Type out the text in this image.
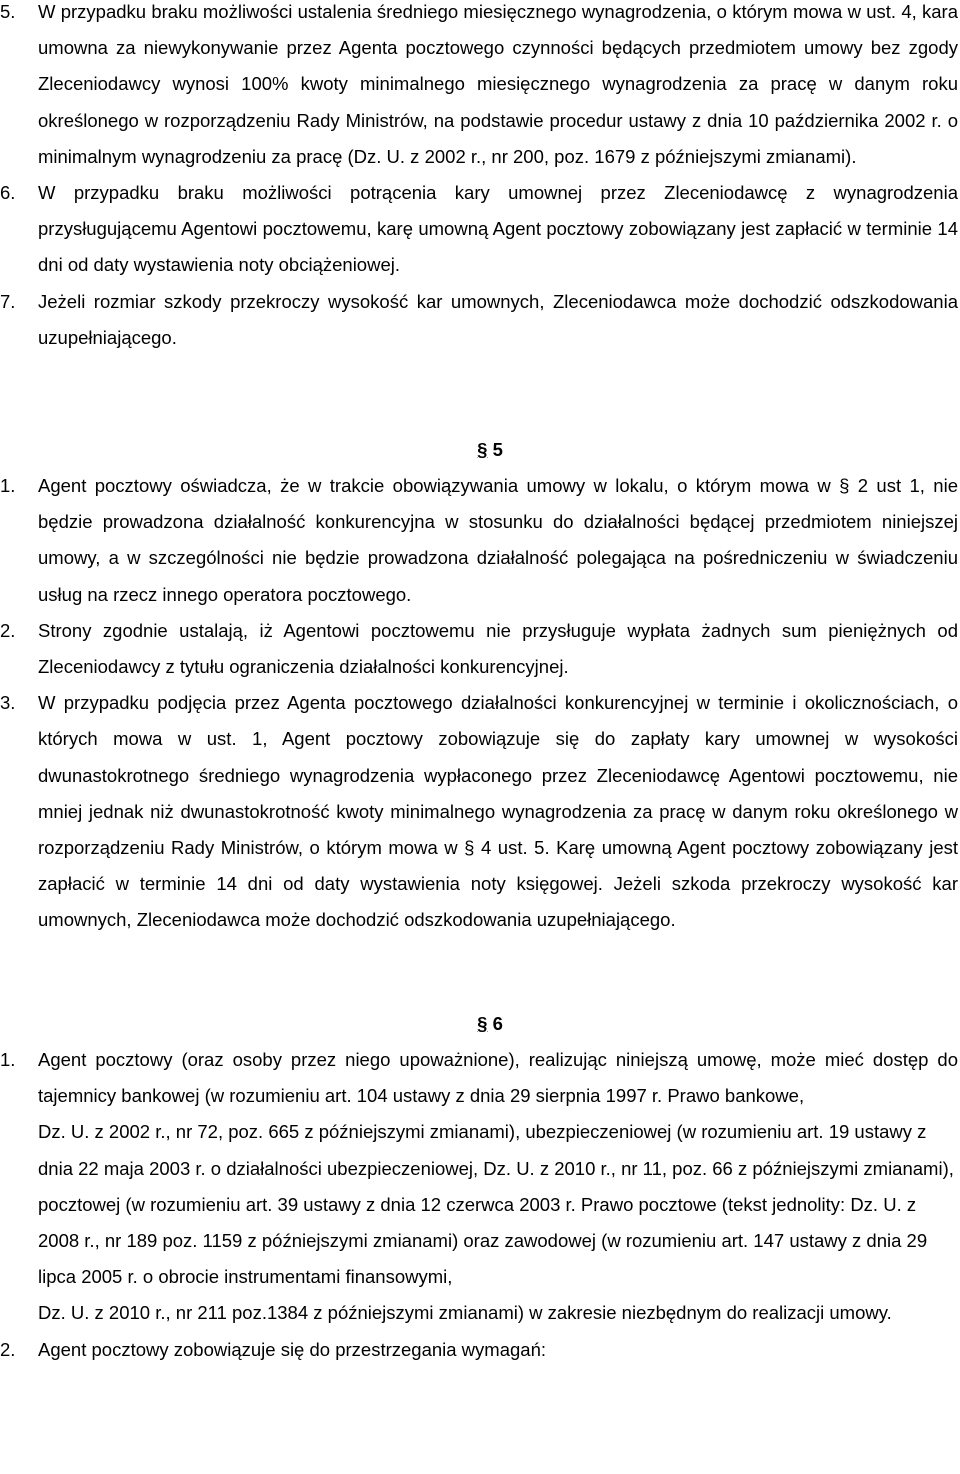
5.	W przypadku braku możliwości ustalenia średniego miesięcznego wynagrodzenia, o którym mowa w ust. 4, kara umowna za niewykonywanie przez Agenta pocztowego czynności będących przedmiotem umowy bez zgody Zleceniodawcy wynosi 100% kwoty minimalnego miesięcznego wynagrodzenia za pracę w danym roku określonego w rozporządzeniu Rady Ministrów, na podstawie procedur ustawy z dnia 10 października 2002 r. o minimalnym wynagrodzeniu za pracę (Dz. U. z 2002 r., nr 200, poz. 1679 z późniejszymi zmianami).
6.	W przypadku braku możliwości potrącenia kary umownej przez Zleceniodawcę z wynagrodzenia przysługującemu Agentowi pocztowemu, karę umowną Agent pocztowy zobowiązany jest zapłacić w terminie 14 dni od daty wystawienia noty obciążeniowej.
7.	Jeżeli rozmiar szkody przekroczy wysokość kar umownych, Zleceniodawca może dochodzić odszkodowania uzupełniającego.
§ 5
1.	Agent pocztowy oświadcza, że w trakcie obowiązywania umowy w lokalu, o którym mowa w § 2 ust 1, nie będzie prowadzona działalność konkurencyjna w stosunku do działalności będącej przedmiotem niniejszej umowy, a w szczególności nie będzie prowadzona działalność polegająca na pośredniczeniu w świadczeniu usług na rzecz innego operatora pocztowego.
2.	Strony zgodnie ustalają, iż Agentowi pocztowemu nie przysługuje wypłata żadnych sum pieniężnych od Zleceniodawcy z tytułu ograniczenia działalności konkurencyjnej.
3.	W przypadku podjęcia przez Agenta pocztowego działalności konkurencyjnej w terminie i okolicznościach, o których mowa w ust. 1, Agent pocztowy zobowiązuje się do zapłaty kary umownej w wysokości dwunastokrotnego średniego wynagrodzenia wypłaconego przez Zleceniodawcę Agentowi pocztowemu, nie mniej jednak niż dwunastokrotność kwoty minimalnego wynagrodzenia za pracę w danym roku określonego w rozporządzeniu Rady Ministrów, o którym mowa w § 4 ust. 5. Karę umowną Agent pocztowy zobowiązany jest zapłacić w terminie 14 dni od daty wystawienia noty księgowej. Jeżeli szkoda przekroczy wysokość kar umownych, Zleceniodawca może dochodzić odszkodowania uzupełniającego.
§ 6
1.	Agent pocztowy (oraz osoby przez niego upoważnione), realizując niniejszą umowę, może mieć dostęp do tajemnicy bankowej (w rozumieniu art. 104 ustawy z dnia 29 sierpnia 1997 r. Prawo bankowe,
Dz. U. z 2002 r., nr 72, poz. 665 z późniejszymi zmianami), ubezpieczeniowej (w rozumieniu art. 19 ustawy z dnia 22 maja 2003 r. o działalności ubezpieczeniowej, Dz. U. z 2010 r., nr 11, poz. 66 z późniejszymi zmianami), pocztowej (w rozumieniu art. 39 ustawy z dnia 12 czerwca 2003 r. Prawo pocztowe (tekst jednolity: Dz. U. z 2008 r., nr 189 poz. 1159 z późniejszymi zmianami) oraz zawodowej (w rozumieniu art. 147 ustawy z dnia 29 lipca 2005 r. o obrocie instrumentami finansowymi,
Dz. U. z 2010 r., nr 211 poz.1384 z późniejszymi zmianami) w zakresie niezbędnym do realizacji umowy.
2.	Agent pocztowy zobowiązuje się do przestrzegania wymagań:
